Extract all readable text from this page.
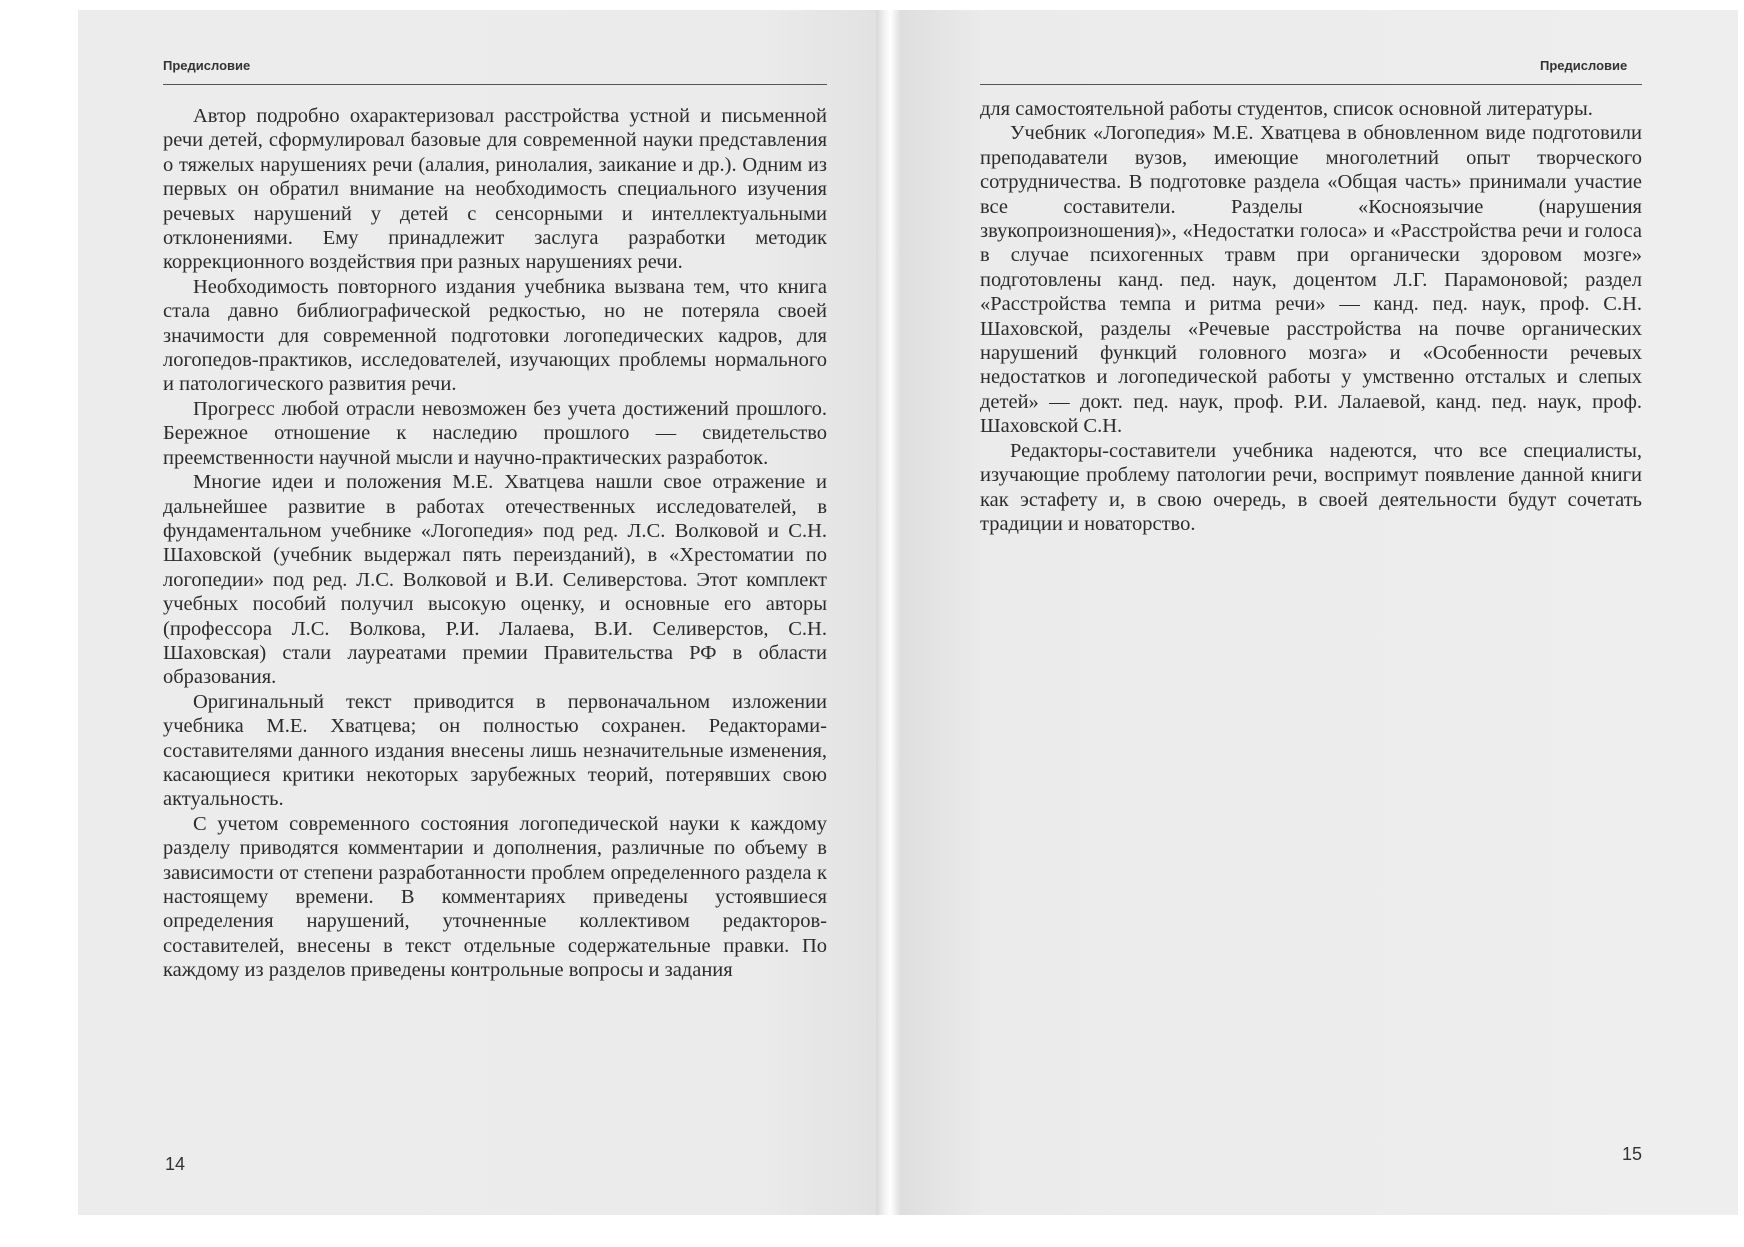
Предисловие

Автор подробно охарактеризовал расстройства устной и письменной речи детей, сформулировал базовые для современной науки представления о тяжелых нарушениях речи (алалия, ринолалия, заикание и др.). Одним из первых он обратил внимание на необходимость специального изучения речевых нарушений у детей с сенсорными и интеллектуальными отклонениями. Ему принадлежит заслуга разработки методик коррекционного воздействия при разных нарушениях речи.

Необходимость повторного издания учебника вызвана тем, что книга стала давно библиографической редкостью, но не потеряла своей значимости для современной подготовки логопедических кадров, для логопедов-практиков, исследователей, изучающих проблемы нормального и патологического развития речи.

Прогресс любой отрасли невозможен без учета достижений прошлого. Бережное отношение к наследию прошлого — свидетельство преемственности научной мысли и научно-практических разработок.

Многие идеи и положения М.Е. Хватцева нашли свое отражение и дальнейшее развитие в работах отечественных исследователей, в фундаментальном учебнике «Логопедия» под ред. Л.С. Волковой и С.Н. Шаховской (учебник выдержал пять переизданий), в «Хрестоматии по логопедии» под ред. Л.С. Волковой и В.И. Селиверстова. Этот комплект учебных пособий получил высокую оценку, и основные его авторы (профессора Л.С. Волкова, Р.И. Лалаева, В.И. Селиверстов, С.Н. Шаховская) стали лауреатами премии Правительства РФ в области образования.

Оригинальный текст приводится в первоначальном изложении учебника М.Е. Хватцева; он полностью сохранен. Редакторами-составителями данного издания внесены лишь незначительные изменения, касающиеся критики некоторых зарубежных теорий, потерявших свою актуальность.

С учетом современного состояния логопедической науки к каждому разделу приводятся комментарии и дополнения, различные по объему в зависимости от степени разработанности проблем определенного раздела к настоящему времени. В комментариях приведены устоявшиеся определения нарушений, уточненные коллективом редакторов-составителей, внесены в текст отдельные содержательные правки. По каждому из разделов приведены контрольные вопросы и задания

14
Предисловие

для самостоятельной работы студентов, список основной литературы.

Учебник «Логопедия» М.Е. Хватцева в обновленном виде подготовили преподаватели вузов, имеющие многолетний опыт творческого сотрудничества. В подготовке раздела «Общая часть» принимали участие все составители. Разделы «Косноязычие (нарушения звукопроизношения)», «Недостатки голоса» и «Расстройства речи и голоса в случае психогенных травм при органически здоровом мозге» подготовлены канд. пед. наук, доцентом Л.Г. Парамоновой; раздел «Расстройства темпа и ритма речи» — канд. пед. наук, проф. С.Н. Шаховской, разделы «Речевые расстройства на почве органических нарушений функций головного мозга» и «Особенности речевых недостатков и логопедической работы у умственно отсталых и слепых детей» — докт. пед. наук, проф. Р.И. Лалаевой, канд. пед. наук, проф. Шаховской С.Н.

Редакторы-составители учебника надеются, что все специалисты, изучающие проблему патологии речи, воспримут появление данной книги как эстафету и, в свою очередь, в своей деятельности будут сочетать традиции и новаторство.

15
